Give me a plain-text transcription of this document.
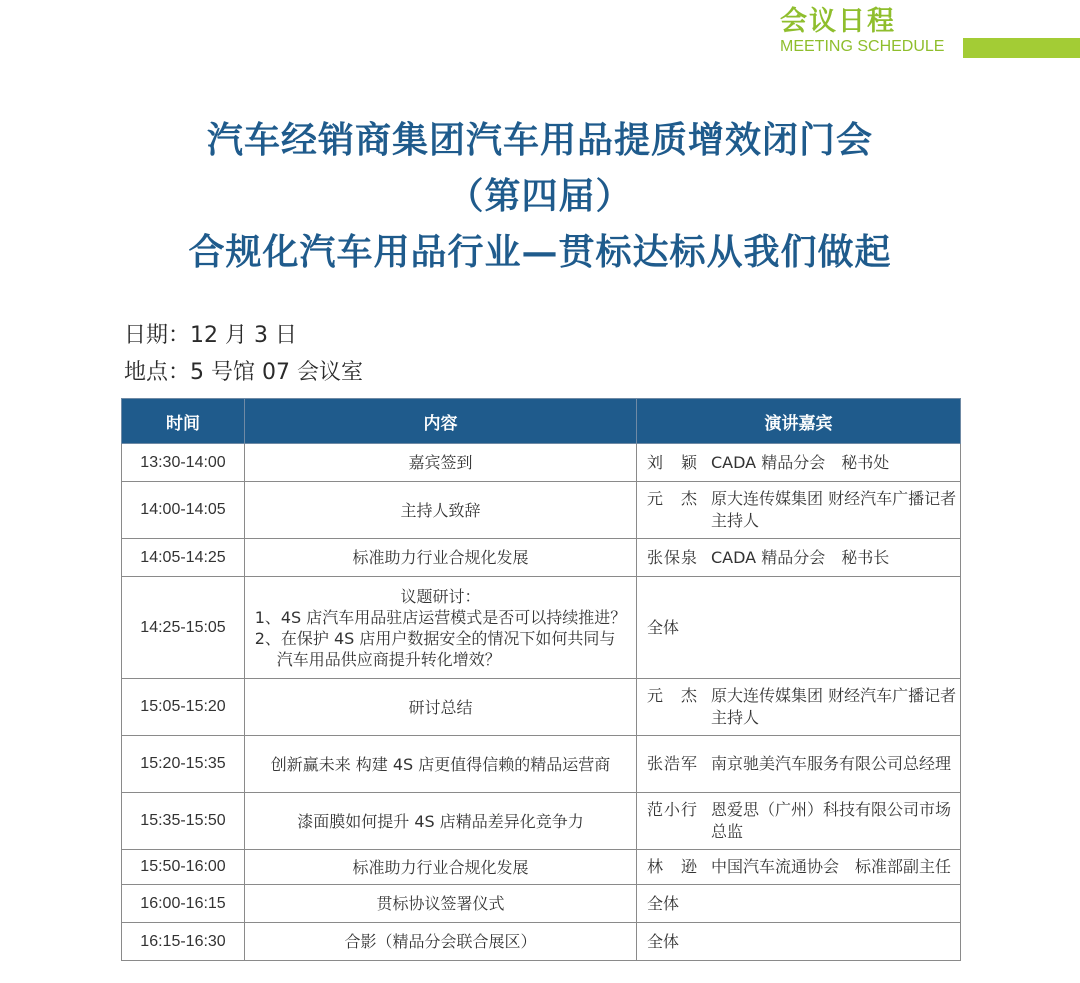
会议日程
MEETING SCHEDULE
汽车经销商集团汽车用品提质增效闭门会
（第四届）
合规化汽车用品行业—贯标达标从我们做起
日期：12 月 3 日
地点：5 号馆 07 会议室
时间	内容	演讲嘉宾
13:30-14:00	嘉宾签到	刘　颖 CADA 精品分会　秘书处

14:00-14:05	主持人致辞	元　杰 原大连传媒集团 财经汽车广播记者 主持人

14:05-14:25	标准助力行业合规化发展	张保泉 CADA 精品分会　秘书长

14:25-15:05	议题研讨：
1、4S 店汽车用品驻店运营模式是否可以持续推进？
2、在保护 4S 店用户数据安全的情况下如何共同与
汽车用品供应商提升转化增效？	全体
15:05-15:20	研讨总结	元　杰 原大连传媒集团 财经汽车广播记者 主持人

15:20-15:35	创新赢未来 构建 4S 店更值得信赖的精品运营商	张浩军 南京驰美汽车服务有限公司总经理

15:35-15:50	漆面膜如何提升 4S 店精品差异化竞争力	范小行 恩爱思（广州）科技有限公司市场总监

15:50-16:00	标准助力行业合规化发展	林　逊 中国汽车流通协会　标准部副主任

16:00-16:15	贯标协议签署仪式	全体
16:15-16:30	合影（精品分会联合展区）	全体
